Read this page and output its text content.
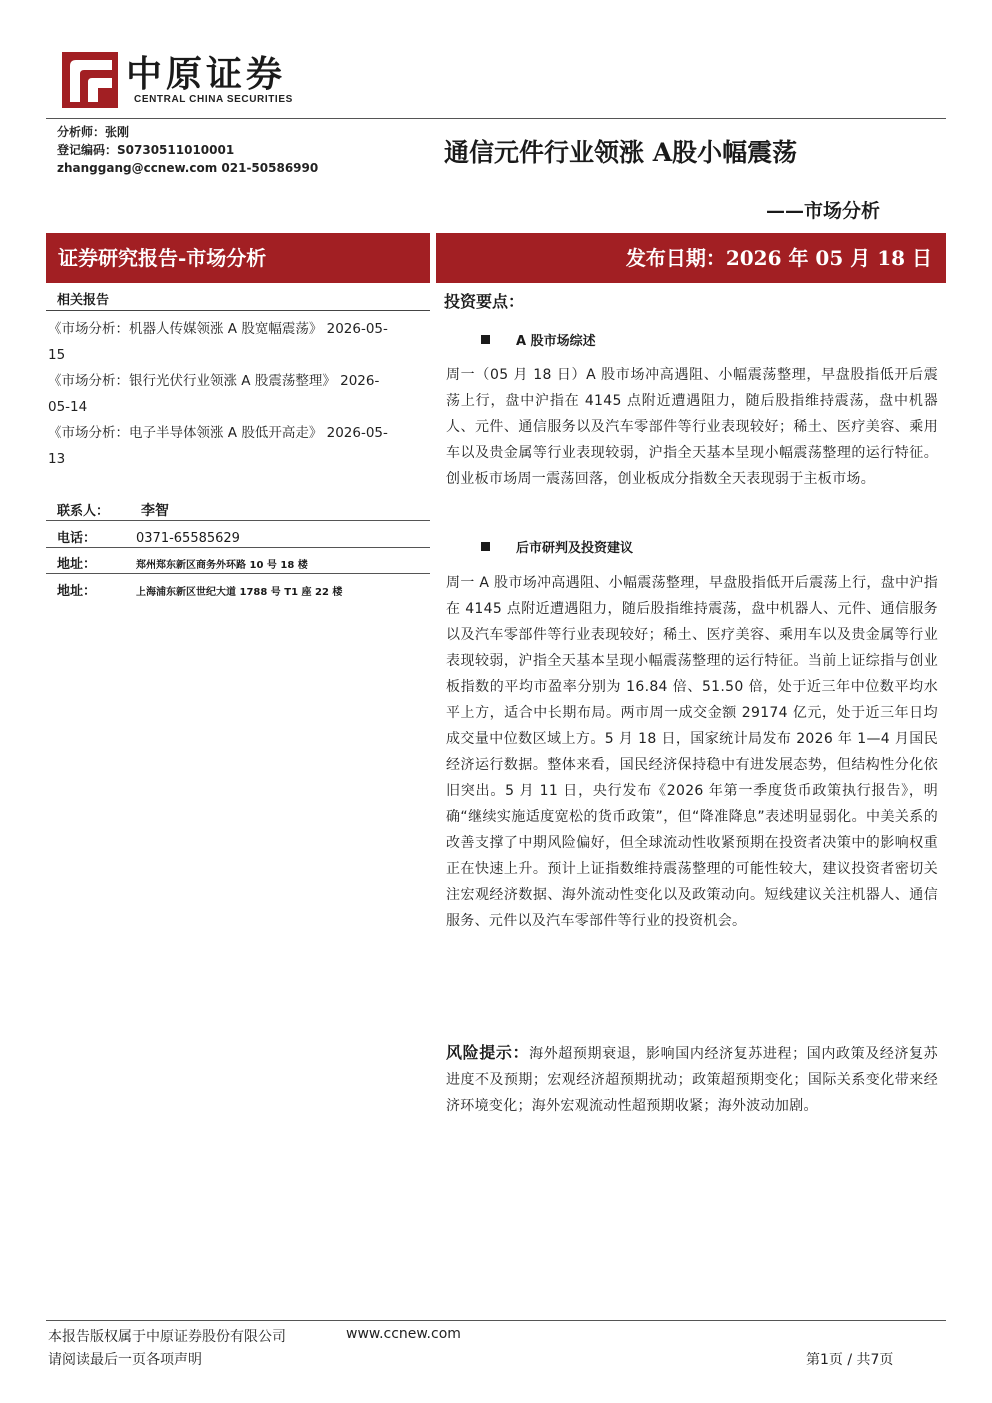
中原证券
CENTRAL CHINA SECURITIES
分析师：张刚
登记编码：S0730511010001
zhanggang@ccnew.com 021-50586990
通信元件行业领涨 A股小幅震荡
——市场分析
证券研究报告-市场分析	发布日期：2026 年 05 月 18 日
相关报告

《市场分析：机器人传媒领涨 A 股宽幅震荡》 2026-05-15

《市场分析：银行光伏行业领涨 A 股震荡整理》 2026-05-14

《市场分析：电子半导体领涨 A 股低开高走》 2026-05-13

联系人： 李智
电话：	0371-65585629
地址：	郑州郑东新区商务外环路 10 号 18 楼
地址：	上海浦东新区世纪大道 1788 号 T1 座 22 楼
投资要点：
A 股市场综述
周一（05 月 18 日）A 股市场冲高遇阻、小幅震荡整理，早盘股指低开后震荡上行，盘中沪指在 4145 点附近遭遇阻力，随后股指维持震荡，盘中机器人、元件、通信服务以及汽车零部件等行业表现较好；稀土、医疗美容、乘用车以及贵金属等行业表现较弱，沪指全天基本呈现小幅震荡整理的运行特征。创业板市场周一震荡回落，创业板成分指数全天表现弱于主板市场。
后市研判及投资建议
周一 A 股市场冲高遇阻、小幅震荡整理，早盘股指低开后震荡上行，盘中沪指在 4145 点附近遭遇阻力，随后股指维持震荡，盘中机器人、元件、通信服务以及汽车零部件等行业表现较好；稀土、医疗美容、乘用车以及贵金属等行业表现较弱，沪指全天基本呈现小幅震荡整理的运行特征。当前上证综指与创业板指数的平均市盈率分别为 16.84 倍、51.50 倍，处于近三年中位数平均水平上方，适合中长期布局。两市周一成交金额 29174 亿元，处于近三年日均成交量中位数区域上方。5 月 18 日，国家统计局发布 2026 年 1—4 月国民经济运行数据。整体来看，国民经济保持稳中有进发展态势，但结构性分化依旧突出。5 月 11 日，央行发布《2026 年第一季度货币政策执行报告》，明确“继续实施适度宽松的货币政策”，但“降准降息”表述明显弱化。中美关系的改善支撑了中期风险偏好，但全球流动性收紧预期在投资者决策中的影响权重正在快速上升。预计上证指数维持震荡整理的可能性较大，建议投资者密切关注宏观经济数据、海外流动性变化以及政策动向。短线建议关注机器人、通信服务、元件以及汽车零部件等行业的投资机会。
风险提示：海外超预期衰退，影响国内经济复苏进程；国内政策及经济复苏进度不及预期；宏观经济超预期扰动；政策超预期变化；国际关系变化带来经济环境变化；海外宏观流动性超预期收紧；海外波动加剧。
本报告版权属于中原证券股份有限公司	www.ccnew.com
请阅读最后一页各项声明	第1页 / 共7页
